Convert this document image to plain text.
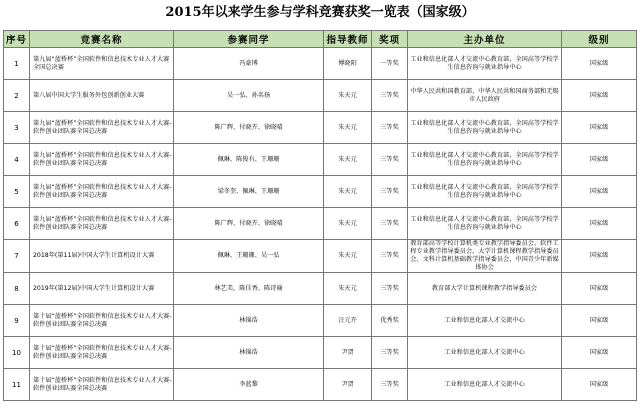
2015年以来学生参与学科竞赛获奖一览表（国家级）
序号	竞赛名称	参赛同学	指导教师	奖项	主办单位	级别
1	第九届“蓝桥杯”全国软件和信息技术专业人才大赛全国总决赛	冯豪博	傅晓阳	一等奖	工业和信息化部人才交流中心教育部、全国高等学校学生信息咨询与就业指导中心	国家级
2	第八届中国大学生服务外包创新创业大赛	吴一弘、孙名扬	朱天元	三等奖	中华人民共和国教育部、中华人民共和国商务部和无锡市人民政府	国家级
3	第九届“蓝桥杯”全国软件和信息技术专业人才大赛-软件创业团队赛全国总决赛	陈广辉、付晓卉、徐晓晴	朱天元	三等奖	工业和信息化部人才交流中心教育部、全国高等学校学生信息咨询与就业指导中心	国家级
4	第九届“蓝桥杯”全国软件和信息技术专业人才大赛-软件创业团队赛全国总决赛	佩琳、陈俊有、王珊珊	朱天元	三等奖	工业和信息化部人才交流中心教育部、全国高等学校学生信息咨询与就业指导中心	国家级
5	第九届“蓝桥杯”全国软件和信息技术专业人才大赛-软件创业团队赛全国总决赛	梁冬奎、佩琳、王珊珊	朱天元	三等奖	工业和信息化部人才交流中心教育部、全国高等学校学生信息咨询与就业指导中心	国家级
6	第九届“蓝桥杯”全国软件和信息技术专业人才大赛-软件创业团队赛全国总决赛	陈广辉、付晓卉、徐晓晴	朱天元	三等奖	工业和信息化部人才交流中心教育部、全国高等学校学生信息咨询与就业指导中心	国家级
7	2018年(第11届)中国大学生计算机设计大赛	佩琳、王珊珊、吴一弘	朱天元	三等奖	教育部高等学校计算机类专业教学指导委员会、软件工程专业教学指导委员会、大学计算机课程教学指导委员会、文科计算机基础教学指导委员会、中国青少年新媒体协会	国家级
8	2019年(第12届)中国大学生计算机设计大赛	林艺美、陈佳香、陈诗瑜	朱天元	三等奖	教育部大学计算机课程教学指导委员会	国家级
9	第十届“蓝桥杯”全国软件和信息技术专业人才大赛-软件创业团队赛全国总决赛	林锦浩	汪元卉	优秀奖	工业和信息化部人才交流中心	国家级
10	第十届“蓝桥杯”全国软件和信息技术专业人才大赛-软件创业团队赛全国总决赛	林锦浩	尹贺	三等奖	工业和信息化部人才交流中心	国家级
11	第十届“蓝桥杯”全国软件和信息技术专业人才大赛-软件创业团队赛全国总决赛	李蓝黎	尹贺	三等奖	工业和信息化部人才交流中心	国家级
